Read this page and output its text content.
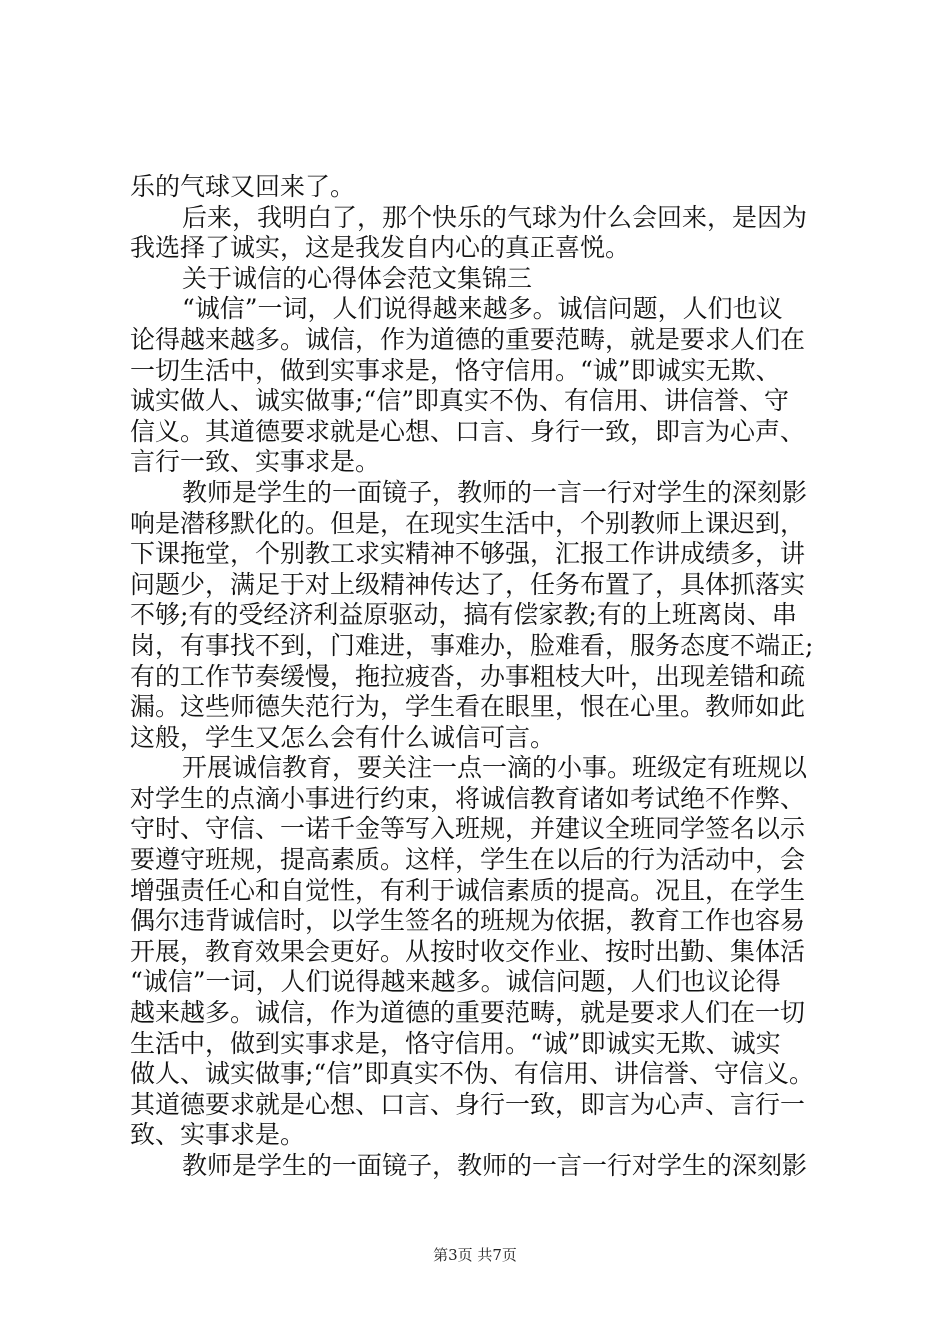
乐的气球又回来了。
后来，我明白了，那个快乐的气球为什么会回来，是因为
我选择了诚实，这是我发自内心的真正喜悦。
关于诚信的心得体会范文集锦三
“诚信”一词，人们说得越来越多。诚信问题，人们也议
论得越来越多。诚信，作为道德的重要范畴，就是要求人们在
一切生活中，做到实事求是，恪守信用。“诚”即诚实无欺、
诚实做人、诚实做事;“信”即真实不伪、有信用、讲信誉、守
信义。其道德要求就是心想、口言、身行一致，即言为心声、
言行一致、实事求是。
教师是学生的一面镜子，教师的一言一行对学生的深刻影
响是潜移默化的。但是，在现实生活中，个别教师上课迟到，
下课拖堂，个别教工求实精神不够强，汇报工作讲成绩多，讲
问题少，满足于对上级精神传达了，任务布置了，具体抓落实
不够;有的受经济利益原驱动，搞有偿家教;有的上班离岗、串
岗，有事找不到，门难进，事难办，脸难看，服务态度不端正;
有的工作节奏缓慢，拖拉疲沓，办事粗枝大叶，出现差错和疏
漏。这些师德失范行为，学生看在眼里，恨在心里。教师如此
这般，学生又怎么会有什么诚信可言。
开展诚信教育，要关注一点一滴的小事。班级定有班规以
对学生的点滴小事进行约束，将诚信教育诸如考试绝不作弊、
守时、守信、一诺千金等写入班规，并建议全班同学签名以示
要遵守班规，提高素质。这样，学生在以后的行为活动中，会
增强责任心和自觉性，有利于诚信素质的提高。况且，在学生
偶尔违背诚信时，以学生签名的班规为依据，教育工作也容易
开展，教育效果会更好。从按时收交作业、按时出勤、集体活
“诚信”一词，人们说得越来越多。诚信问题，人们也议论得
越来越多。诚信，作为道德的重要范畴，就是要求人们在一切
生活中，做到实事求是，恪守信用。“诚”即诚实无欺、诚实
做人、诚实做事;“信”即真实不伪、有信用、讲信誉、守信义。
其道德要求就是心想、口言、身行一致，即言为心声、言行一
致、实事求是。
教师是学生的一面镜子，教师的一言一行对学生的深刻影
第3页 共7页
